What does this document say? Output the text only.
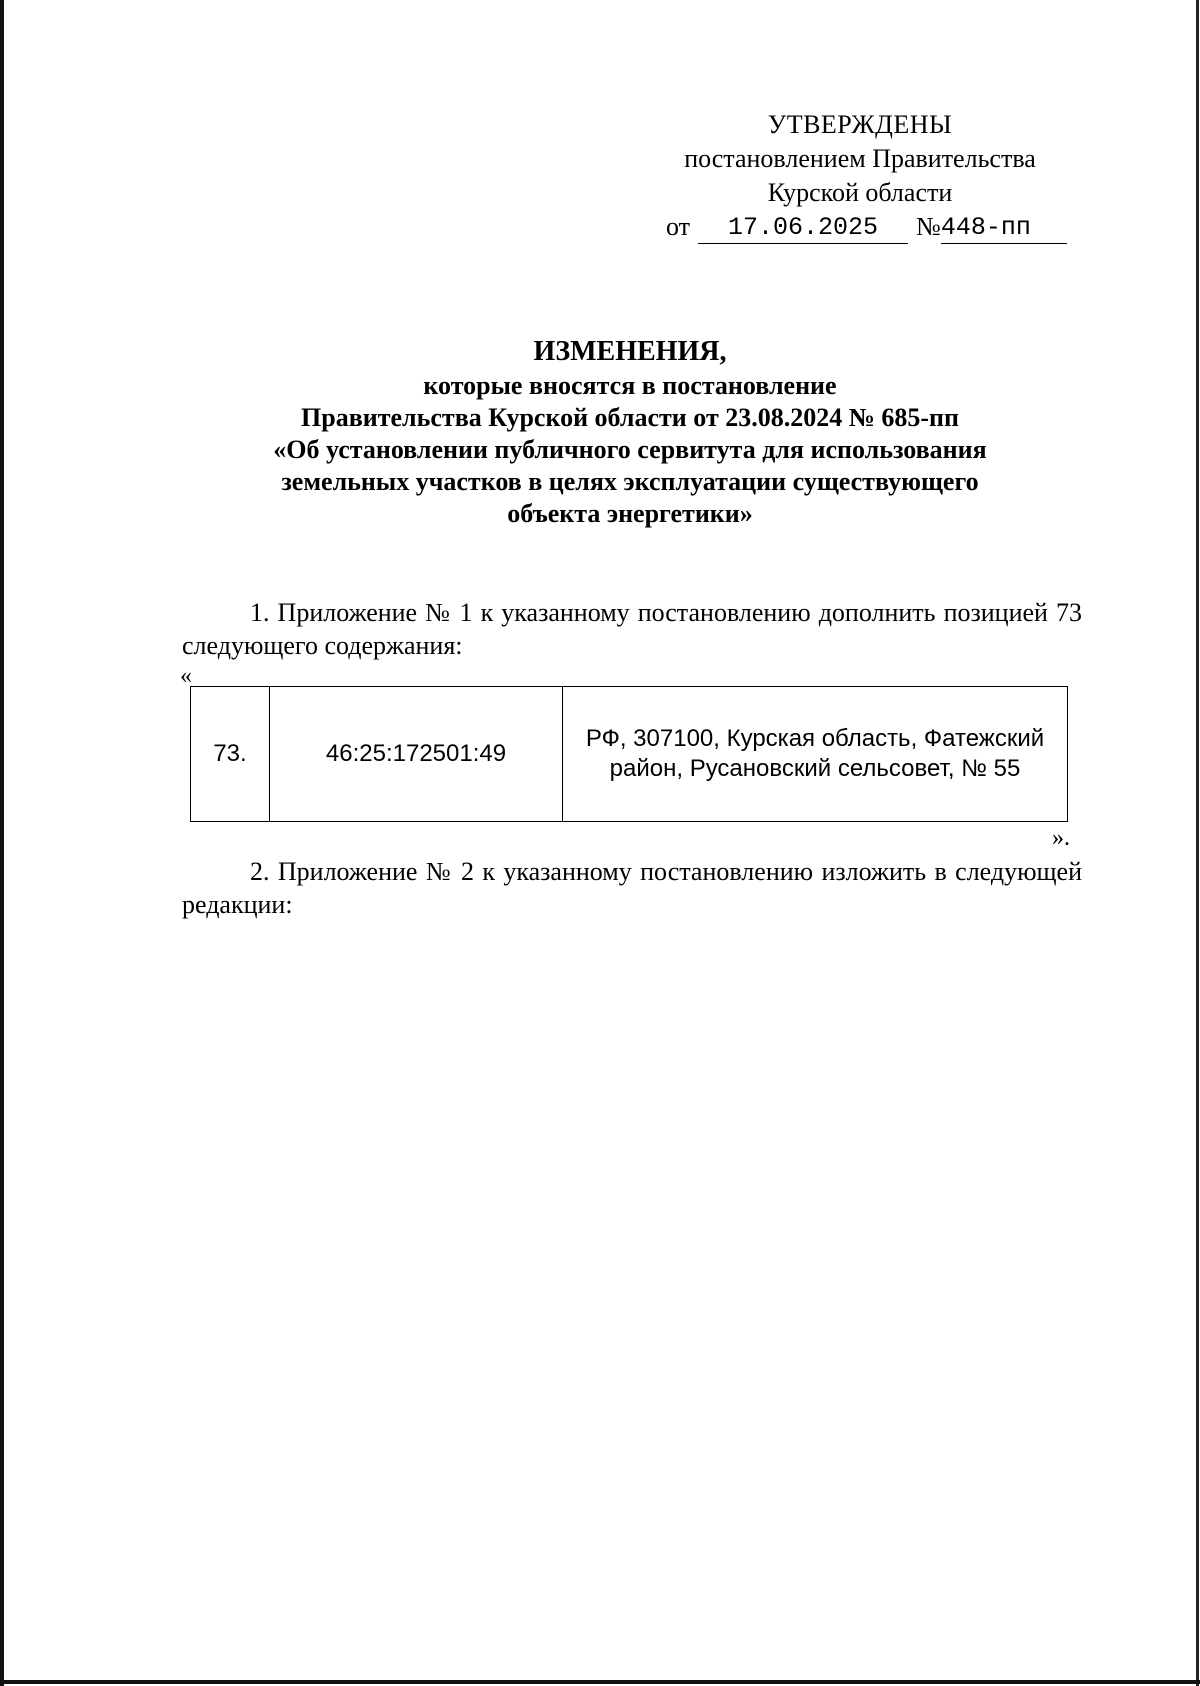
УТВЕРЖДЕНЫ
постановлением Правительства
Курской области
от	17.06.2025	№ 448-пп
ИЗМЕНЕНИЯ,
которые вносятся в постановление
Правительства Курской области от 23.08.2024 № 685-пп
«Об установлении публичного сервитута для использования
земельных участков в целях эксплуатации существующего
объекта энергетики»
1. Приложение № 1 к указанному постановлению дополнить позицией 73 следующего содержания:
«
73.	46:25:172501:49	РФ, 307100, Курская область, Фатежский район, Русановский сельсовет, № 55
».
2. Приложение № 2 к указанному постановлению изложить в следующей редакции:
